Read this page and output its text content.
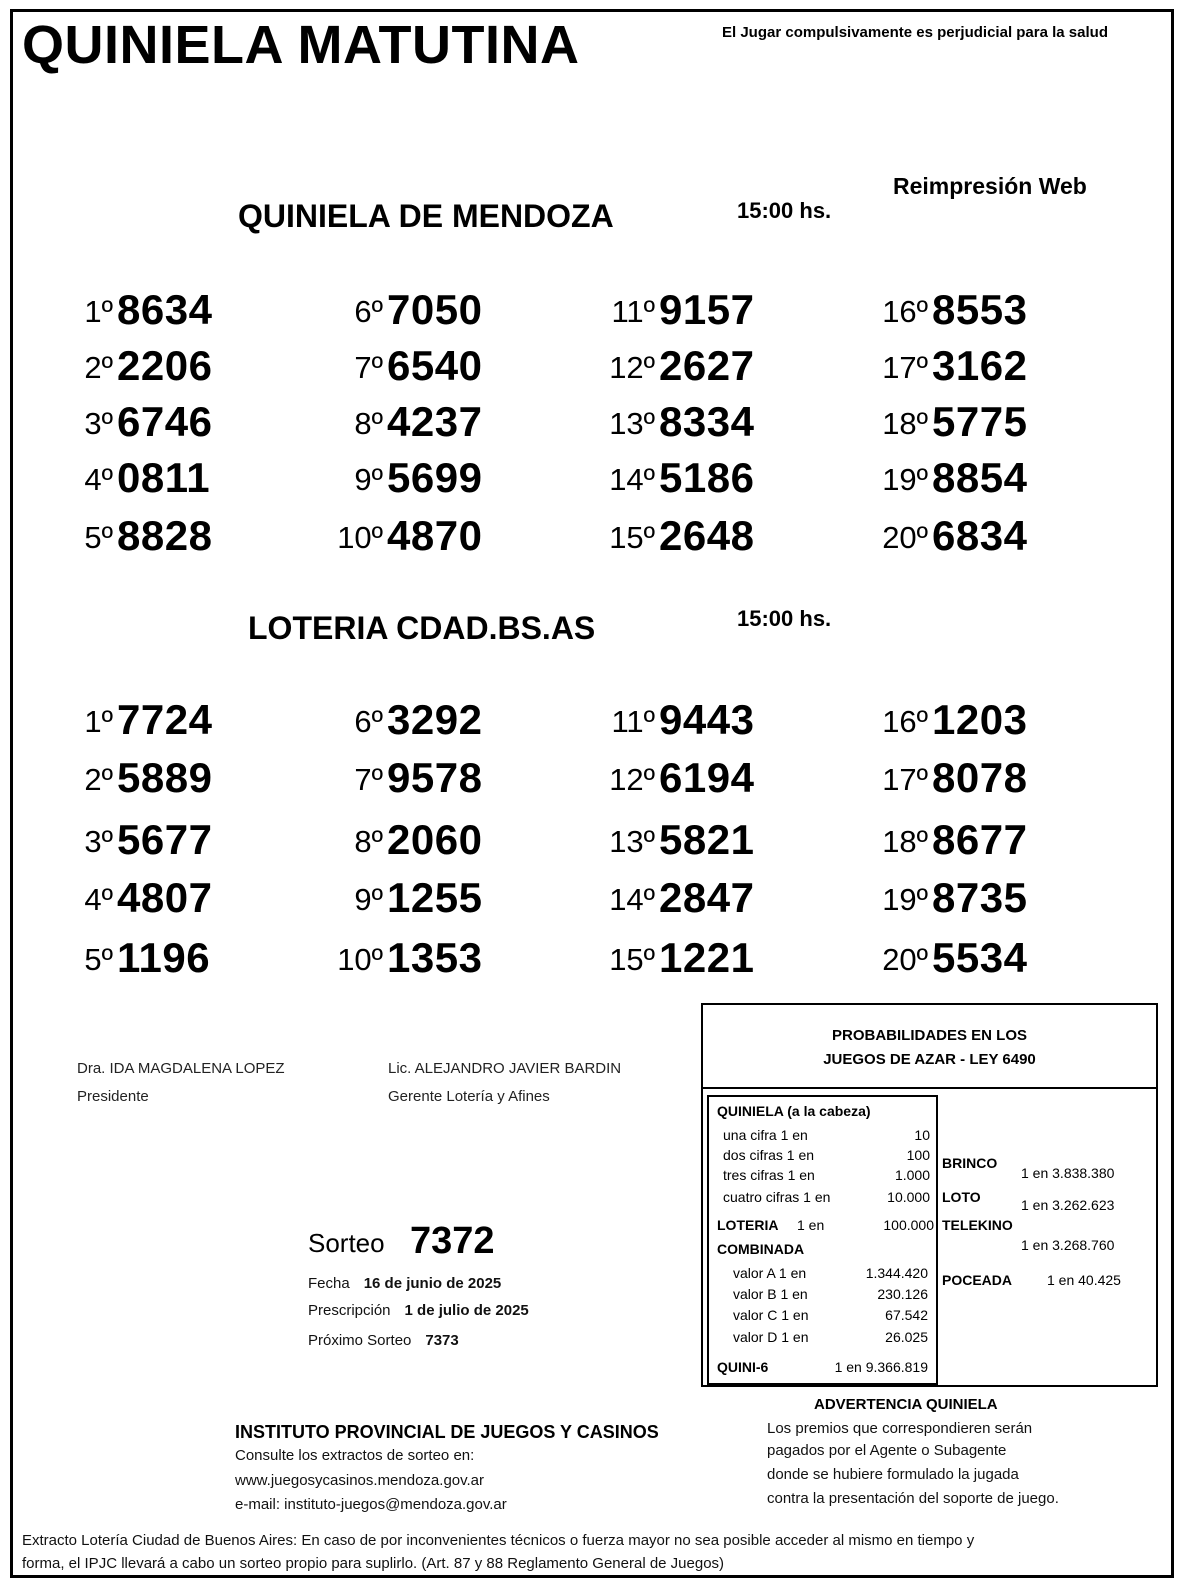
QUINIELA MATUTINA	El Jugar compulsivamente es perjudicial para la salud
Reimpresión Web
QUINIELA DE MENDOZA	15:00 hs.
1º 8634
2º 2206
3º 6746
4º 0811
5º 8828
6º 7050
7º 6540
8º 4237
9º 5699
10º 4870
11º 9157
12º 2627
13º 8334
14º 5186
15º 2648
16º 8553
17º 3162
18º 5775
19º 8854
20º 6834
LOTERIA CDAD.BS.AS	15:00 hs.
1º 7724
2º 5889
3º 5677
4º 4807
5º 1196
6º 3292
7º 9578
8º 2060
9º 1255
10º 1353
11º 9443
12º 6194
13º 5821
14º 2847
15º 1221
16º 1203
17º 8078
18º 8677
19º 8735
20º 5534
Dra. IDA MAGDALENA LOPEZ
Presidente
Lic. ALEJANDRO JAVIER BARDIN
Gerente Lotería y Afines
Sorteo 7372
Fecha 16 de junio de 2025
Prescripción 1 de julio de 2025
Próximo Sorteo 7373
PROBABILIDADES EN LOS
JUEGOS DE AZAR - LEY 6490
QUINIELA (a la cabeza)
una cifra 1 en	10
dos cifras 1 en	100
tres cifras 1 en	1.000
cuatro cifras 1 en	10.000
LOTERIA 1 en	100.000
COMBINADA
valor A 1 en	1.344.420
valor B 1 en	230.126
valor C 1 en	67.542
valor D 1 en	26.025
QUINI-6	1 en 9.366.819
BRINCO
1 en 3.838.380
LOTO	1 en 3.262.623
TELEKINO
1 en 3.268.760
POCEADA 1 en 40.425
INSTITUTO PROVINCIAL DE JUEGOS Y CASINOS
Consulte los extractos de sorteo en:
www.juegosycasinos.mendoza.gov.ar
e-mail: instituto-juegos@mendoza.gov.ar
ADVERTENCIA QUINIELA
Los premios que correspondieren serán
pagados por el Agente o Subagente
donde se hubiere formulado la jugada
contra la presentación del soporte de juego.
Extracto Lotería Ciudad de Buenos Aires: En caso de por inconvenientes técnicos o fuerza mayor no sea posible acceder al mismo en tiempo y
forma, el IPJC llevará a cabo un sorteo propio para suplirlo. (Art. 87 y 88 Reglamento General de Juegos)
